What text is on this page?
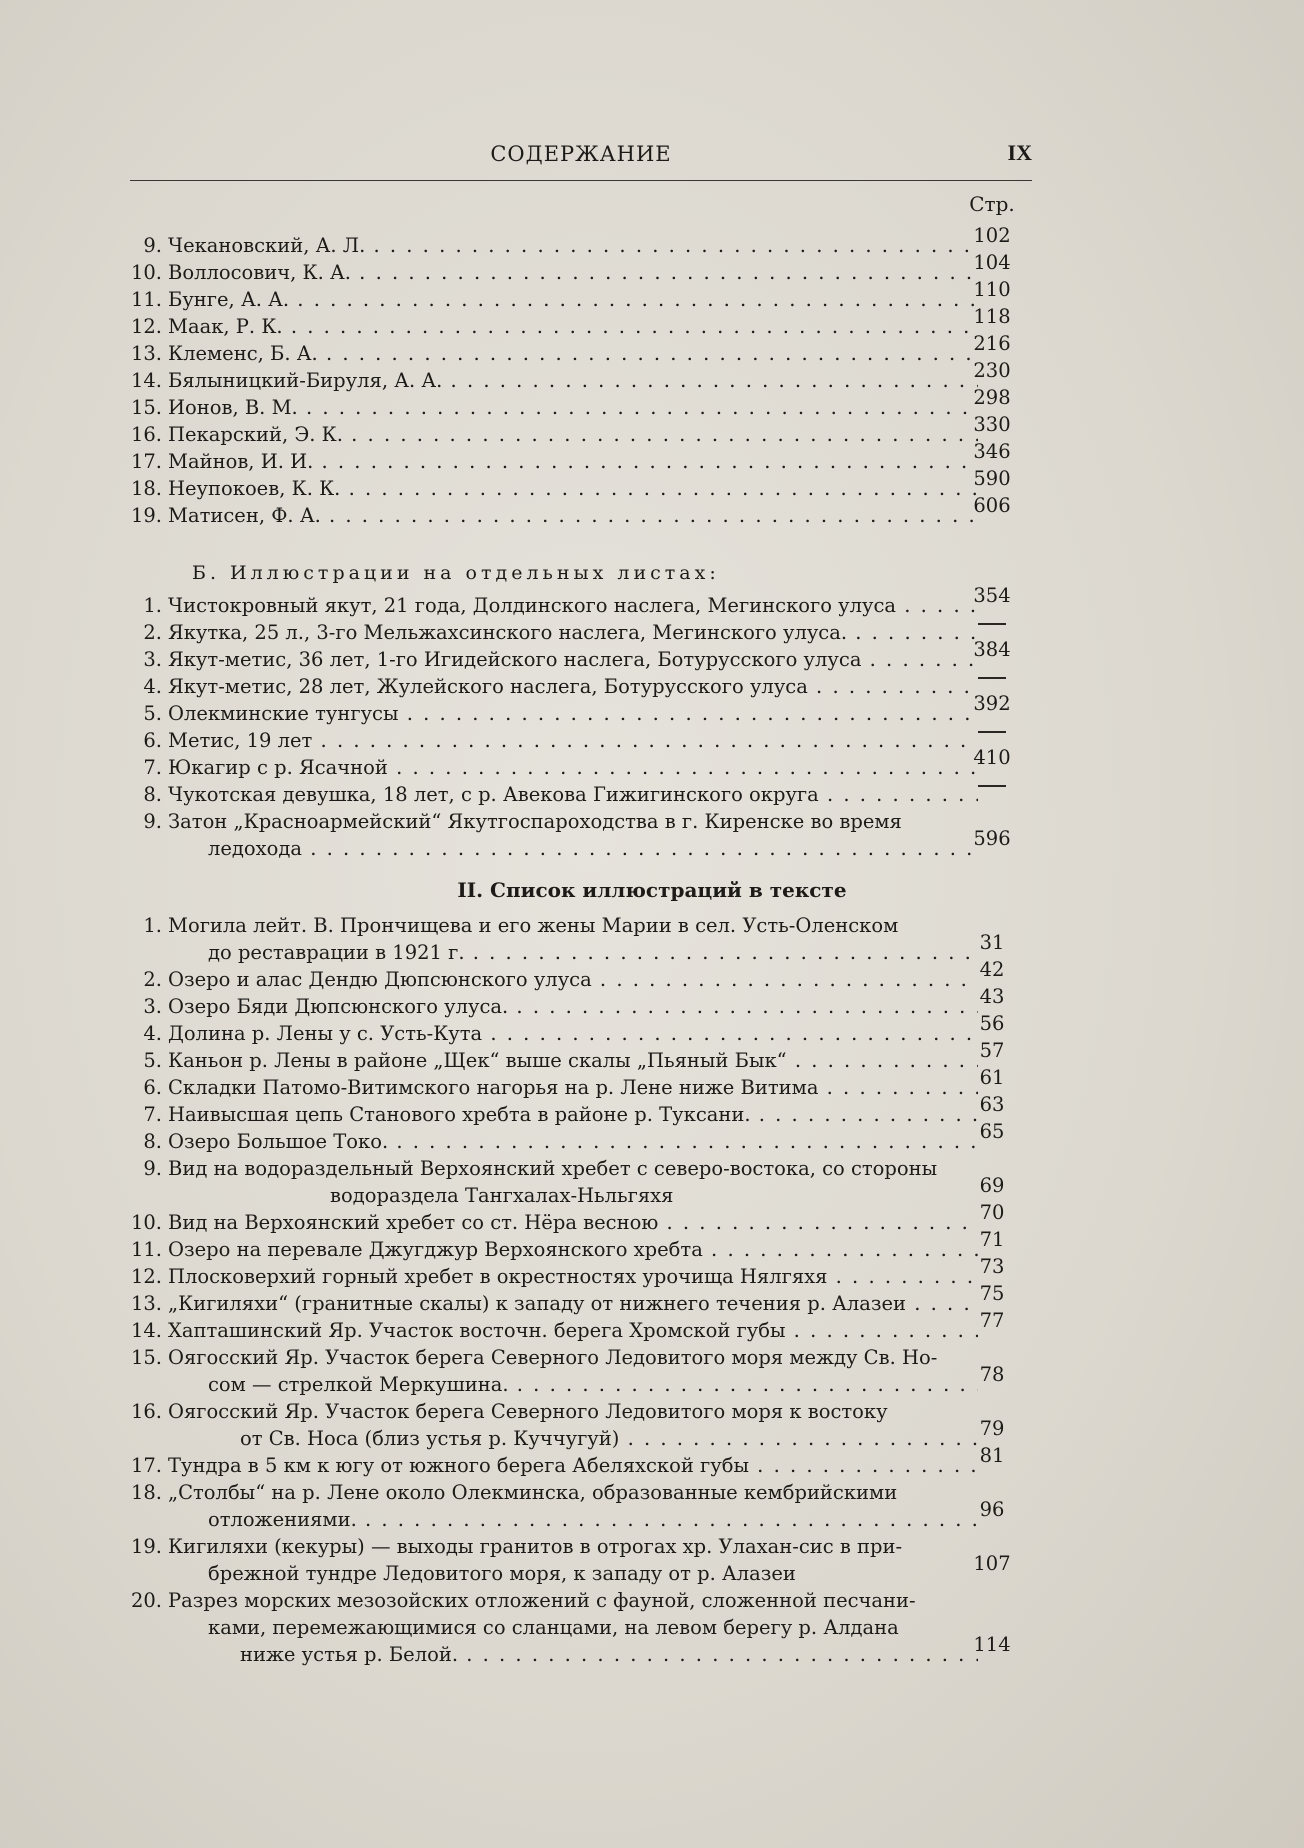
СОДЕРЖАНИЕ	IX
Стр.
9. Чекановский, А. Л. . . .	102
10. Воллосович, К. А. . . .	104
11. Бунге, А. А. . . .	110
12. Маак, Р. К. . . .	118
13. Клеменс, Б. А. . . .	216
14. Бялыницкий-Бируля, А. А. . . .	230
15. Ионов, В. М. . . .	298
16. Пекарский, Э. К. . . .	330
17. Майнов, И. И. . . .	346
18. Неупокоев, К. К. . . .	590
19. Матисен, Ф. А. . . .	606
Б. Иллюстрации на отдельных листах:
1. Чистокровный якут, 21 года, Долдинского наслега, Мегинского улуса . . .	354
2. Якутка, 25 л., 3-го Мельжахсинского наслега, Мегинского улуса. . . .
3. Якут-метис, 36 лет, 1-го Игидейского наслега, Ботурусского улуса . . .	384
4. Якут-метис, 28 лет, Жулейского наслега, Ботурусского улуса . . .
5. Олекминские тунгусы . . .	392
6. Метис, 19 лет . . .
7. Юкагир с р. Ясачной . . .	410
8. Чукотская девушка, 18 лет, с р. Авекова Гижигинского округа . . .
9. Затон „Красноармейский“ Якутгоспароходства в г. Киренске во время
ледохода . . .	596
II. Список иллюстраций в тексте
1. Могила лейт. В. Прончищева и его жены Марии в сел. Усть-Оленском
до реставрации в 1921 г. . . .	31
2. Озеро и алас Дендю Дюпсюнского улуса . . .	42
3. Озеро Бяди Дюпсюнского улуса. . . .	43
4. Долина р. Лены у с. Усть-Кута . . .	56
5. Каньон р. Лены в районе „Щек“ выше скалы „Пьяный Бык“ . . .	57
6. Складки Патомо-Витимского нагорья на р. Лене ниже Витима . . .	61
7. Наивысшая цепь Станового хребта в районе р. Туксани. . . .	63
8. Озеро Большое Токо. . . .	65
9. Вид на водораздельный Верхоянский хребет с северо-востока, со стороны
водораздела Тангхалах-Ньльгяхя	69
10. Вид на Верхоянский хребет со ст. Нёра весною . . .	70
11. Озеро на перевале Джугджур Верхоянского хребта . . .	71
12. Плосковерхий горный хребет в окрестностях урочища Нялгяхя . . .	73
13. „Кигиляхи“ (гранитные скалы) к западу от нижнего течения р. Алазеи . . .	75
14. Хапташинский Яр. Участок восточн. берега Хромской губы . . .	77
15. Оягосский Яр. Участок берега Северного Ледовитого моря между Св. Но-
сом — стрелкой Меркушина. . . .	78
16. Оягосский Яр. Участок берега Северного Ледовитого моря к востоку
от Св. Носа (близ устья р. Куччугуй) . . .	79
17. Тундра в 5 км к югу от южного берега Абеляхской губы . . .	81
18. „Столбы“ на р. Лене около Олекминска, образованные кембрийскими
отложениями. . . .	96
19. Кигиляхи (кекуры) — выходы гранитов в отрогах хр. Улахан-сис в при-
брежной тундре Ледовитого моря, к западу от р. Алазеи	107
20. Разрез морских мезозойских отложений с фауной, сложенной песчани-
ками, перемежающимися со сланцами, на левом берегу р. Алдана
ниже устья р. Белой. . . .	114
